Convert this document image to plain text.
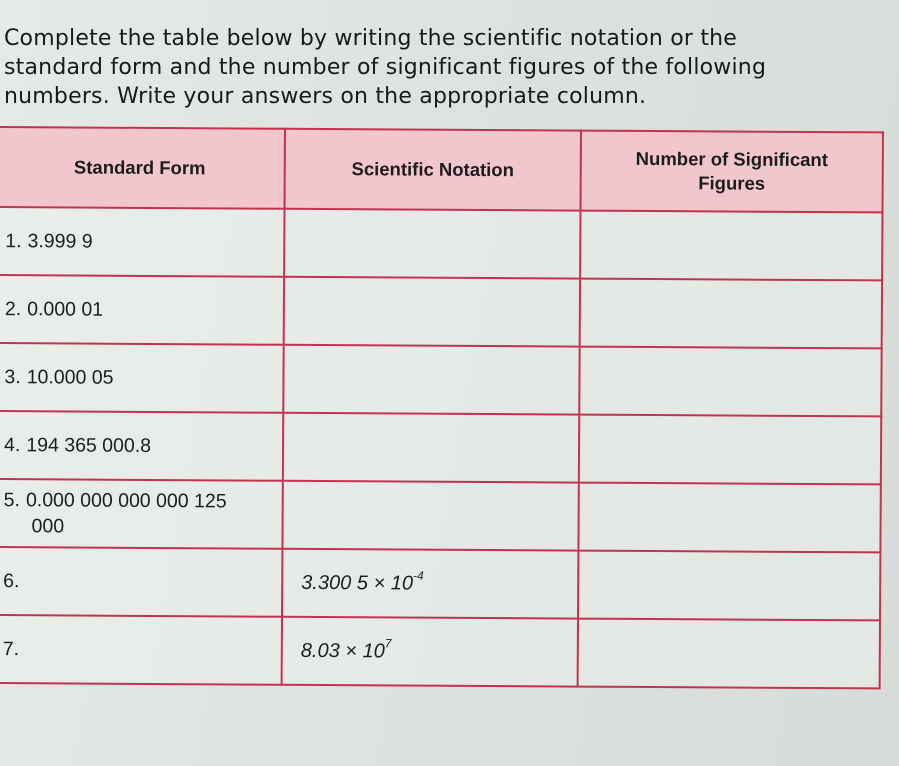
Complete the table below by writing the scientific notation or the
standard form and the number of significant figures of the following
numbers. Write your answers on the appropriate column.
Standard Form	Scientific Notation	Number of Significant
Figures
1. 3.999 9		
2. 0.000 01		
3. 10.000 05		
4. 194 365 000.8		
5. 0.000 000 000 000 125
000		
6.	3.300 $5 \times 10^{-4}$	
7.	$8.03 \times 10^7$	
